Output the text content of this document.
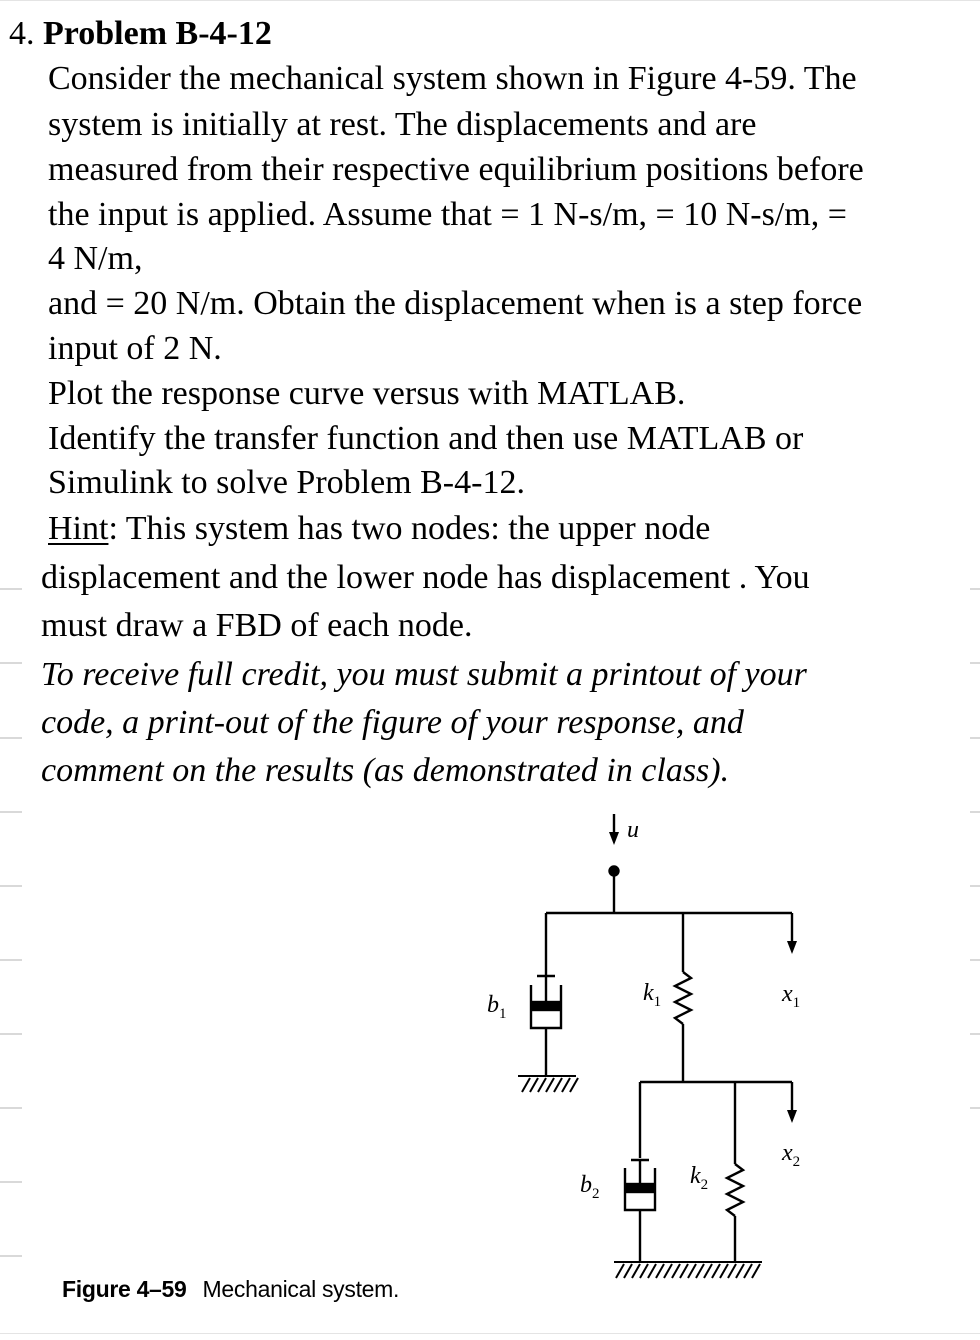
4. Problem B-4-12
Consider the mechanical system shown in Figure 4-59. The
system is initially at rest. The displacements and are
measured from their respective equilibrium positions before
the input is applied. Assume that = 1 N-s/m, = 10 N-s/m, =
4 N/m,
and = 20 N/m. Obtain the displacement when is a step force
input of 2 N.
Plot the response curve versus with MATLAB.
Identify the transfer function and then use MATLAB or
Simulink to solve Problem B-4-12.
Hint: This system has two nodes: the upper node
displacement and the lower node has displacement . You
must draw a FBD of each node.
To receive full credit, you must submit a printout of your
code, a print-out of the figure of your response, and
comment on the results (as demonstrated in class).
u
$b_1$
$k_1$	$x_1$
$x_2$
$b_2$
$k_2$
Figure 4–59 Mechanical system.
